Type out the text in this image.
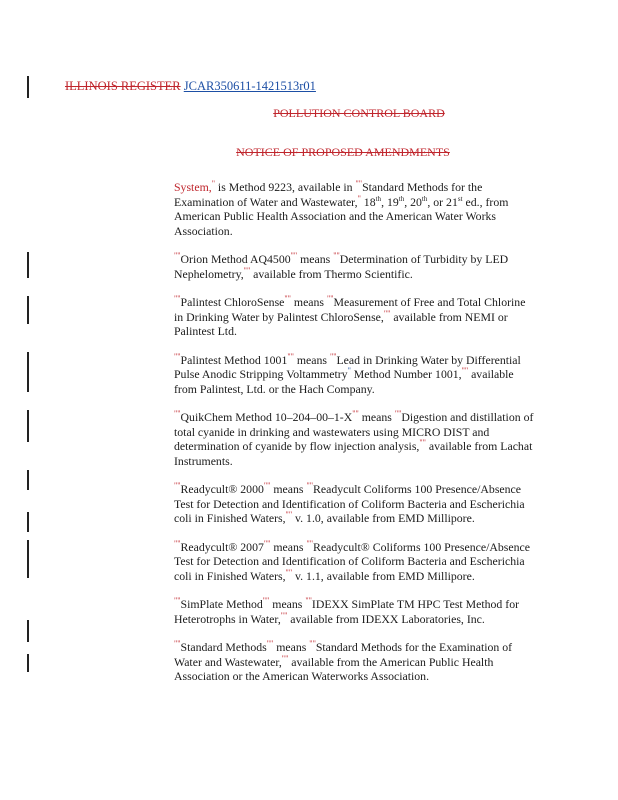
ILLINOIS REGISTER JCAR350611-1421513r01
POLLUTION CONTROL BOARD
NOTICE OF PROPOSED AMENDMENTS

System," is Method 9223, available in ""Standard Methods for the Examination of Water and Wastewater," 18th, 19th, 20th, or 21st ed., from American Public Health Association and the American Water Works Association.

""Orion Method AQ4500"" means ""Determination of Turbidity by LED Nephelometry,"" available from Thermo Scientific.

""Palintest ChloroSense"" means ""Measurement of Free and Total Chlorine in Drinking Water by Palintest ChloroSense,"" available from NEMI or Palintest Ltd.

""Palintest Method 1001"" means ""Lead in Drinking Water by Differential Pulse Anodic Stripping Voltammetry" Method Number 1001,"" available from Palintest, Ltd. or the Hach Company.

""QuikChem Method 10–204–00–1-X"" means ""Digestion and distillation of total cyanide in drinking and wastewaters using MICRO DIST and determination of cyanide by flow injection analysis,"" available from Lachat Instruments.

""Readycult® 2000"" means ""Readycult Coliforms 100 Presence/Absence Test for Detection and Identification of Coliform Bacteria and Escherichia coli in Finished Waters,"" v. 1.0, available from EMD Millipore.

""Readycult® 2007"" means ""Readycult® Coliforms 100 Presence/Absence Test for Detection and Identification of Coliform Bacteria and Escherichia coli in Finished Waters,"" v. 1.1, available from EMD Millipore.

""SimPlate Method"" means ""IDEXX SimPlate TM HPC Test Method for Heterotrophs in Water,"" available from IDEXX Laboratories, Inc.

""Standard Methods"" means ""Standard Methods for the Examination of Water and Wastewater,"" available from the American Public Health Association or the American Waterworks Association.
